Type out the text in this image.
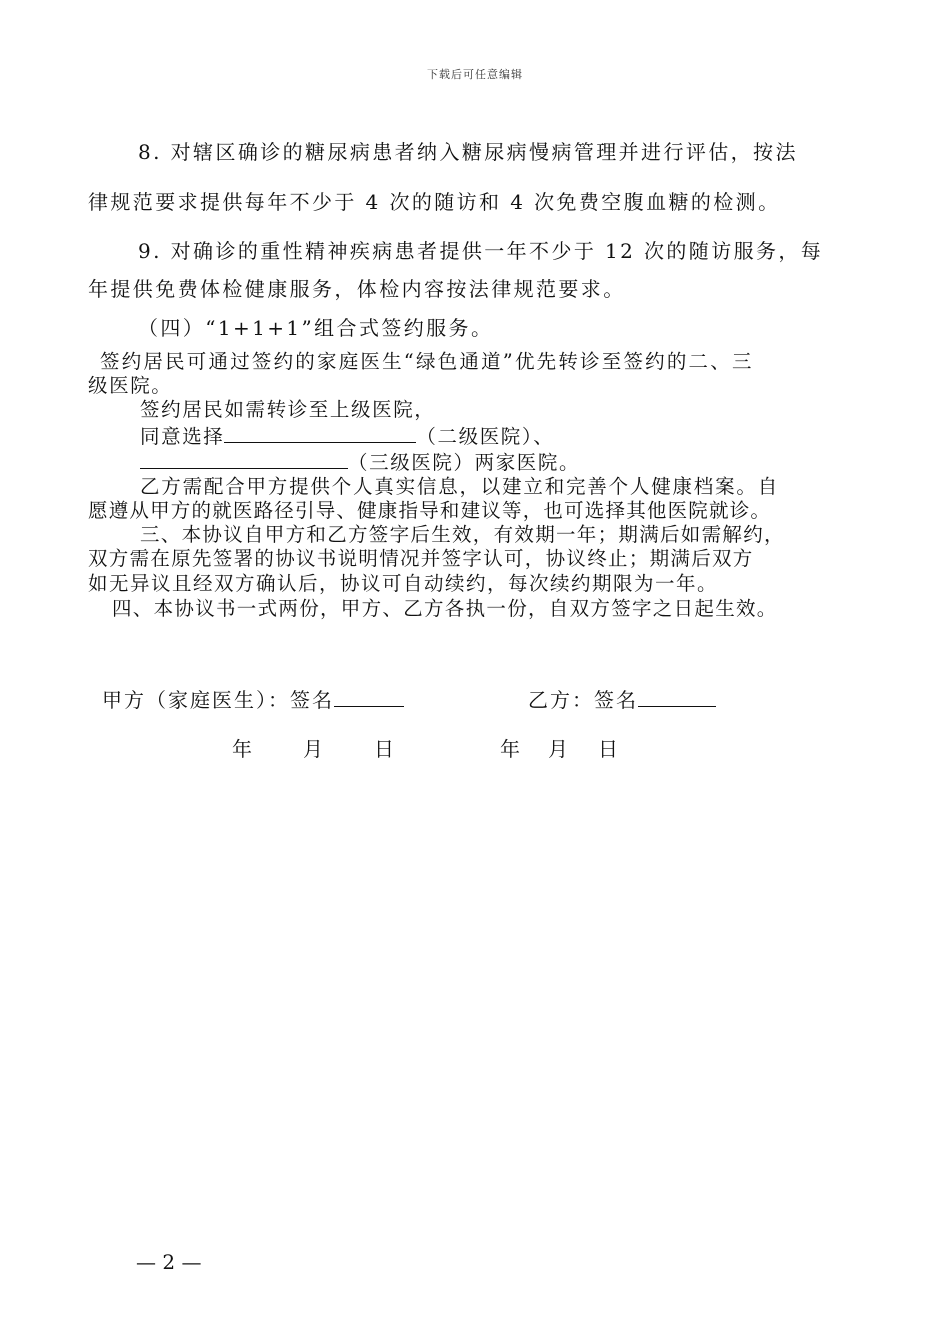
下载后可任意编辑
8. 对辖区确诊的糖尿病患者纳入糖尿病慢病管理并进行评估，按法
律规范要求提供每年不少于 4 次的随访和 4 次免费空腹血糖的检测。
9. 对确诊的重性精神疾病患者提供一年不少于 12 次的随访服务，每
年提供免费体检健康服务，体检内容按法律规范要求。
（四）“1+1+1”组合式签约服务。
签约居民可通过签约的家庭医生“绿色通道”优先转诊至签约的二、三
级医院。
签约居民如需转诊至上级医院，
同意选择	（二级医院）、
（三级医院）两家医院。
乙方需配合甲方提供个人真实信息，以建立和完善个人健康档案。自
愿遵从甲方的就医路径引导、健康指导和建议等，也可选择其他医院就诊。
三、本协议自甲方和乙方签字后生效，有效期一年；期满后如需解约，
双方需在原先签署的协议书说明情况并签字认可，协议终止；期满后双方
如无异议且经双方确认后，协议可自动续约，每次续约期限为一年。
四、本协议书一式两份，甲方、乙方各执一份，自双方签字之日起生效。
甲方（家庭医生）：签名	乙方：签名
年	月	日	年 月 日
— 2 —
